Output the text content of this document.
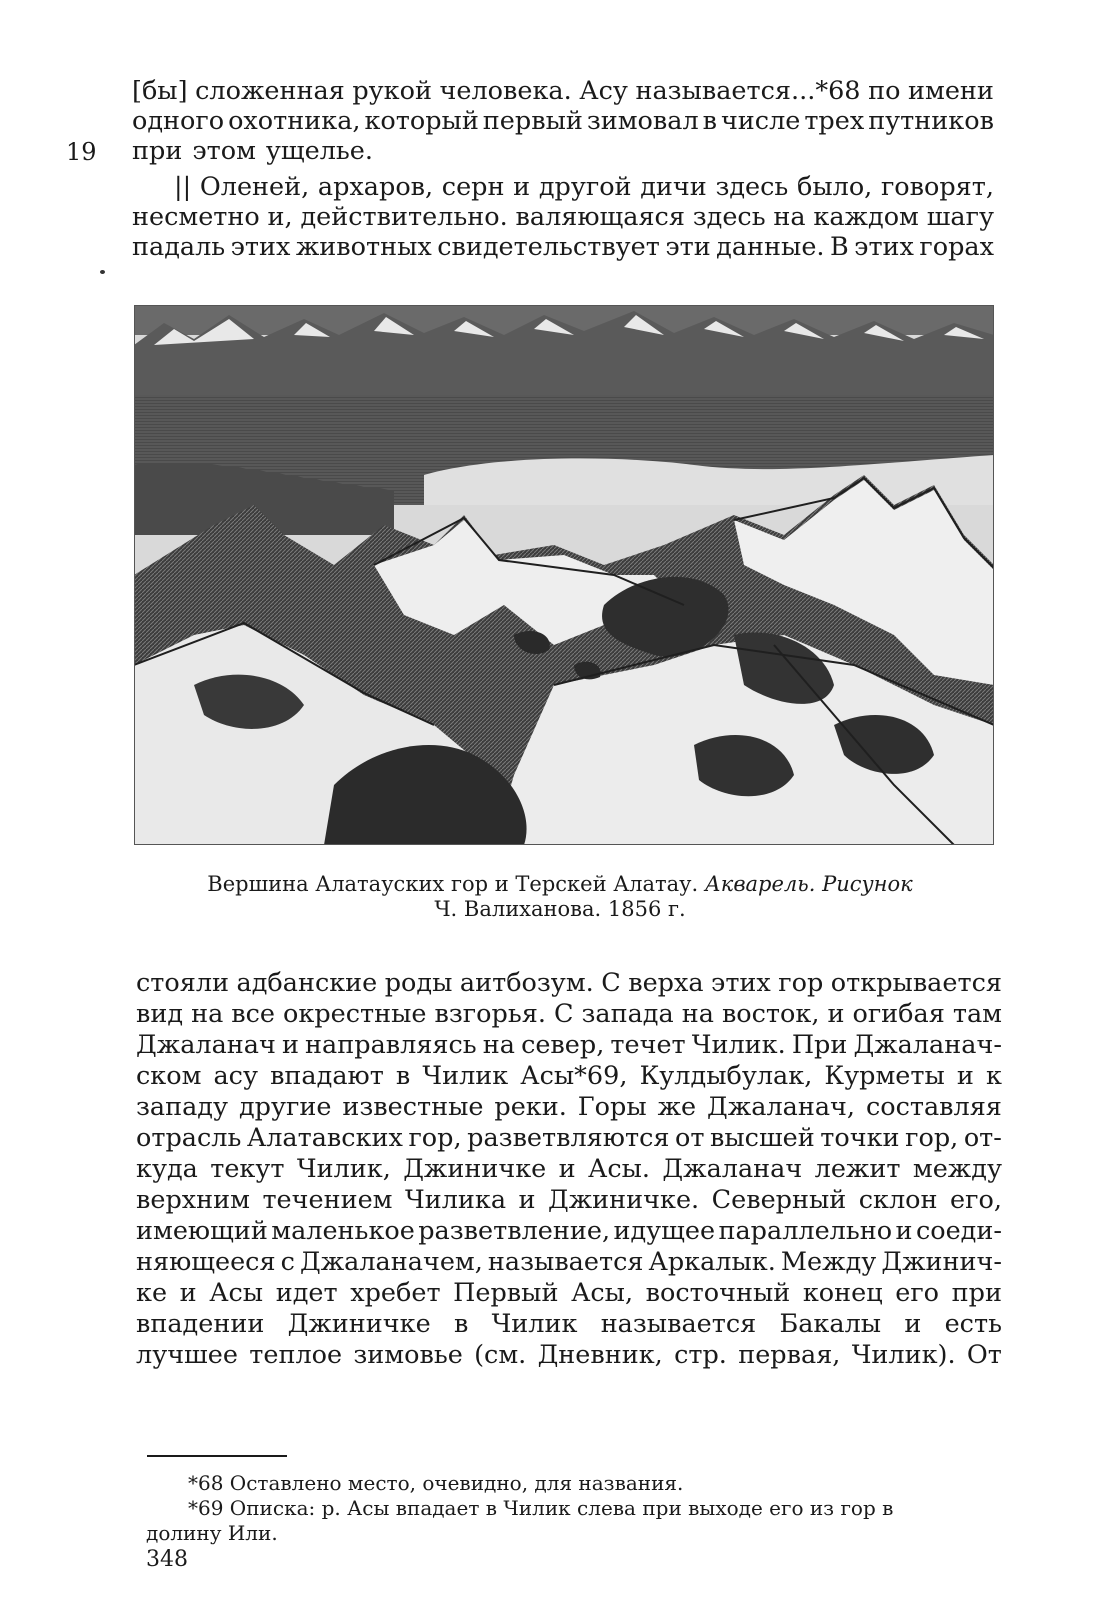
19
[бы] сложенная рукой человека. Асу называется...*68 по имени
одного охотника, который первый зимовал в числе трех путников
при этом ущелье.
|| Оленей, архаров, серн и другой дичи здесь было, говорят,
несметно и, действительно. валяющаяся здесь на каждом шагу
падаль этих животных свидетельствует эти данные. В этих горах
Вершина Алатауских гор и Терскей Алатау. Акварель. Рисунок
Ч. Валиханова. 1856 г.
стояли адбанские роды аитбозум. С верха этих гор открывается
вид на все окрестные взгорья. С запада на восток, и огибая там
Джаланач и направляясь на север, течет Чилик. При Джаланач-
ском асу впадают в Чилик Асы*69, Кулдыбулак, Курметы и к
западу другие известные реки. Горы же Джаланач, составляя
отрасль Алатавских гор, разветвляются от высшей точки гор, от-
куда текут Чилик, Джиничке и Асы. Джаланач лежит между
верхним течением Чилика и Джиничке. Северный склон его,
имеющий маленькое разветвление, идущее параллельно и соеди-
няющееся с Джаланачем, называется Аркалык. Между Джинич-
ке и Асы идет хребет Первый Асы, восточный конец его при
впадении Джиничке в Чилик называется Бакалы и есть
лучшее теплое зимовье (см. Дневник, стр. первая, Чилик). От
*68 Оставлено место, очевидно, для названия.
*69 Описка: р. Асы впадает в Чилик слева при выходе его из гор в
долину Или.
348
